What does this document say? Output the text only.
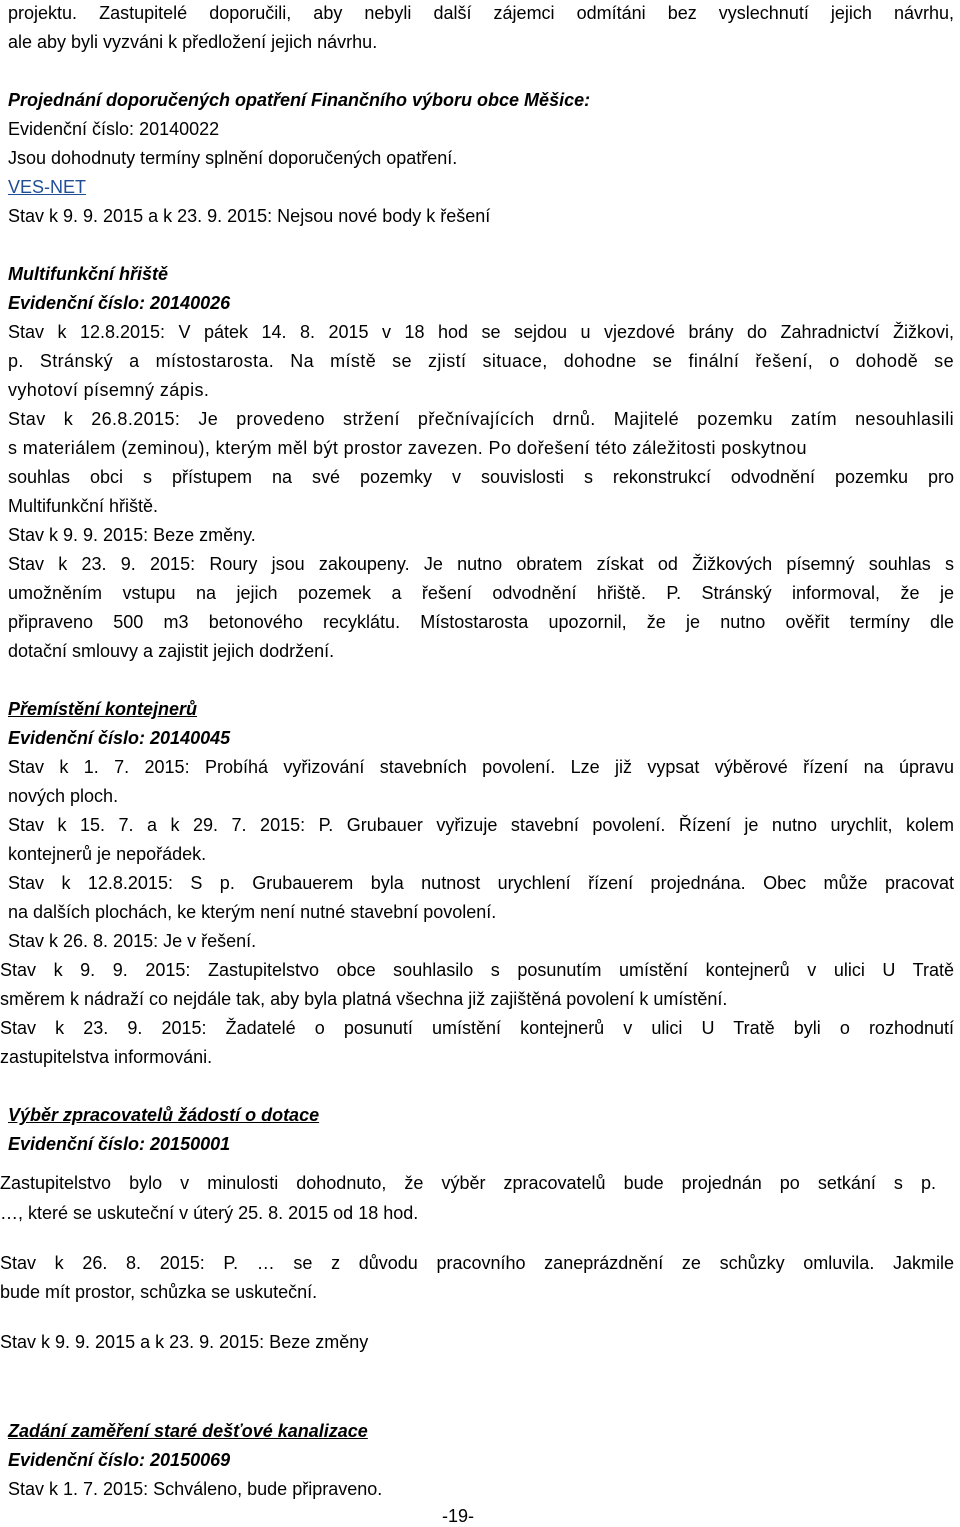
projektu. Zastupitelé doporučili, aby nebyli další zájemci odmítáni bez vyslechnutí jejich návrhu,

ale aby byli vyzváni k předložení jejich návrhu.

Projednání doporučených opatření Finančního výboru obce Měšice:

Evidenční číslo: 20140022

Jsou dohodnuty termíny splnění doporučených opatření.

VES-NET

Stav k 9. 9. 2015 a k 23. 9. 2015: Nejsou nové body k řešení

Multifunkční hřiště

Evidenční číslo: 20140026

Stav k 12.8.2015: V pátek 14. 8. 2015 v 18 hod se sejdou u vjezdové brány do Zahradnictví Žižkovi,

p. Stránský a místostarosta. Na místě se zjistí situace, dohodne se finální řešení, o dohodě se

vyhotoví písemný zápis.

Stav k 26.8.2015: Je provedeno stržení přečnívajících drnů. Majitelé pozemku zatím nesouhlasili

s materiálem (zeminou), kterým měl být prostor zavezen. Po dořešení této záležitosti poskytnou

souhlas obci s přístupem na své pozemky v souvislosti s rekonstrukcí odvodnění pozemku pro

Multifunkční hřiště.

Stav k 9. 9. 2015: Beze změny.

Stav k 23. 9. 2015: Roury jsou zakoupeny. Je nutno obratem získat od Žižkových písemný souhlas s

umožněním vstupu na jejich pozemek a řešení odvodnění hřiště. P. Stránský informoval, že je

připraveno 500 m3 betonového recyklátu. Místostarosta upozornil, že je nutno ověřit termíny dle

dotační smlouvy a zajistit jejich dodržení.

Přemístění kontejnerů

Evidenční číslo: 20140045

Stav k 1. 7. 2015: Probíhá vyřizování stavebních povolení. Lze již vypsat výběrové řízení na úpravu

nových ploch.

Stav k 15. 7. a k 29. 7. 2015: P. Grubauer vyřizuje stavební povolení. Řízení je nutno urychlit, kolem

kontejnerů je nepořádek.

Stav k 12.8.2015: S p. Grubauerem byla nutnost urychlení řízení projednána. Obec může pracovat

na dalších plochách, ke kterým není nutné stavební povolení.

Stav k 26. 8. 2015: Je v řešení.

Stav k 9. 9. 2015: Zastupitelstvo obce souhlasilo s posunutím umístění kontejnerů v ulici U Tratě

směrem k nádraží co nejdále tak, aby byla platná všechna již zajištěná povolení k umístění.

Stav k 23. 9. 2015: Žadatelé o posunutí umístění kontejnerů v ulici U Tratě byli o rozhodnutí

zastupitelstva informováni.

Výběr zpracovatelů žádostí o dotace

Evidenční číslo: 20150001

Zastupitelstvo bylo v minulosti dohodnuto, že výběr zpracovatelů bude projednán po setkání s p.

…, které se uskuteční v úterý 25. 8. 2015 od 18 hod.

Stav k 26. 8. 2015: P. … se z důvodu pracovního zaneprázdnění ze schůzky omluvila. Jakmile

bude mít prostor, schůzka se uskuteční.

Stav k 9. 9. 2015 a k 23. 9. 2015: Beze změny

Zadání zaměření staré dešťové kanalizace

Evidenční číslo: 20150069

Stav k 1. 7. 2015: Schváleno, bude připraveno.

-19-
